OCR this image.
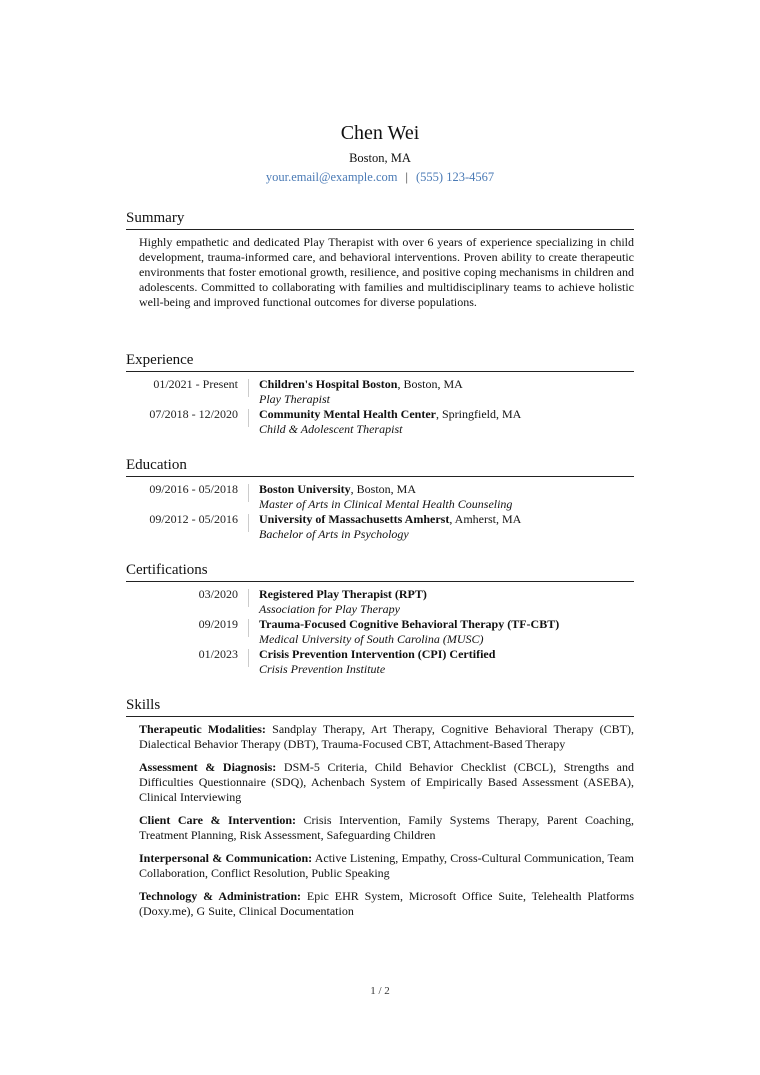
Chen Wei
Boston, MA
your.email@example.com | (555) 123-4567
Summary
Highly empathetic and dedicated Play Therapist with over 6 years of experience specializing in child development, trauma-informed care, and behavioral interventions. Proven ability to create therapeutic environments that foster emotional growth, resilience, and positive coping mechanisms in children and adolescents. Committed to collaborating with families and multidisciplinary teams to achieve holistic well-being and improved functional outcomes for diverse populations.
Experience
01/2021 - Present	Children's Hospital Boston, Boston, MA
Play Therapist
07/2018 - 12/2020	Community Mental Health Center, Springfield, MA
Child & Adolescent Therapist
Education
09/2016 - 05/2018	Boston University, Boston, MA
Master of Arts in Clinical Mental Health Counseling
09/2012 - 05/2016	University of Massachusetts Amherst, Amherst, MA
Bachelor of Arts in Psychology
Certifications
03/2020	Registered Play Therapist (RPT)
Association for Play Therapy
09/2019	Trauma-Focused Cognitive Behavioral Therapy (TF-CBT)
Medical University of South Carolina (MUSC)
01/2023	Crisis Prevention Intervention (CPI) Certified
Crisis Prevention Institute
Skills
Therapeutic Modalities: Sandplay Therapy, Art Therapy, Cognitive Behavioral Therapy (CBT), Dialectical Behavior Therapy (DBT), Trauma-Focused CBT, Attachment-Based Therapy
Assessment & Diagnosis: DSM-5 Criteria, Child Behavior Checklist (CBCL), Strengths and Difficulties Questionnaire (SDQ), Achenbach System of Empirically Based Assessment (ASEBA), Clinical Interviewing
Client Care & Intervention: Crisis Intervention, Family Systems Therapy, Parent Coaching, Treatment Planning, Risk Assessment, Safeguarding Children
Interpersonal & Communication: Active Listening, Empathy, Cross-Cultural Communication, Team Collaboration, Conflict Resolution, Public Speaking
Technology & Administration: Epic EHR System, Microsoft Office Suite, Telehealth Platforms (Doxy.me), G Suite, Clinical Documentation
1 / 2
